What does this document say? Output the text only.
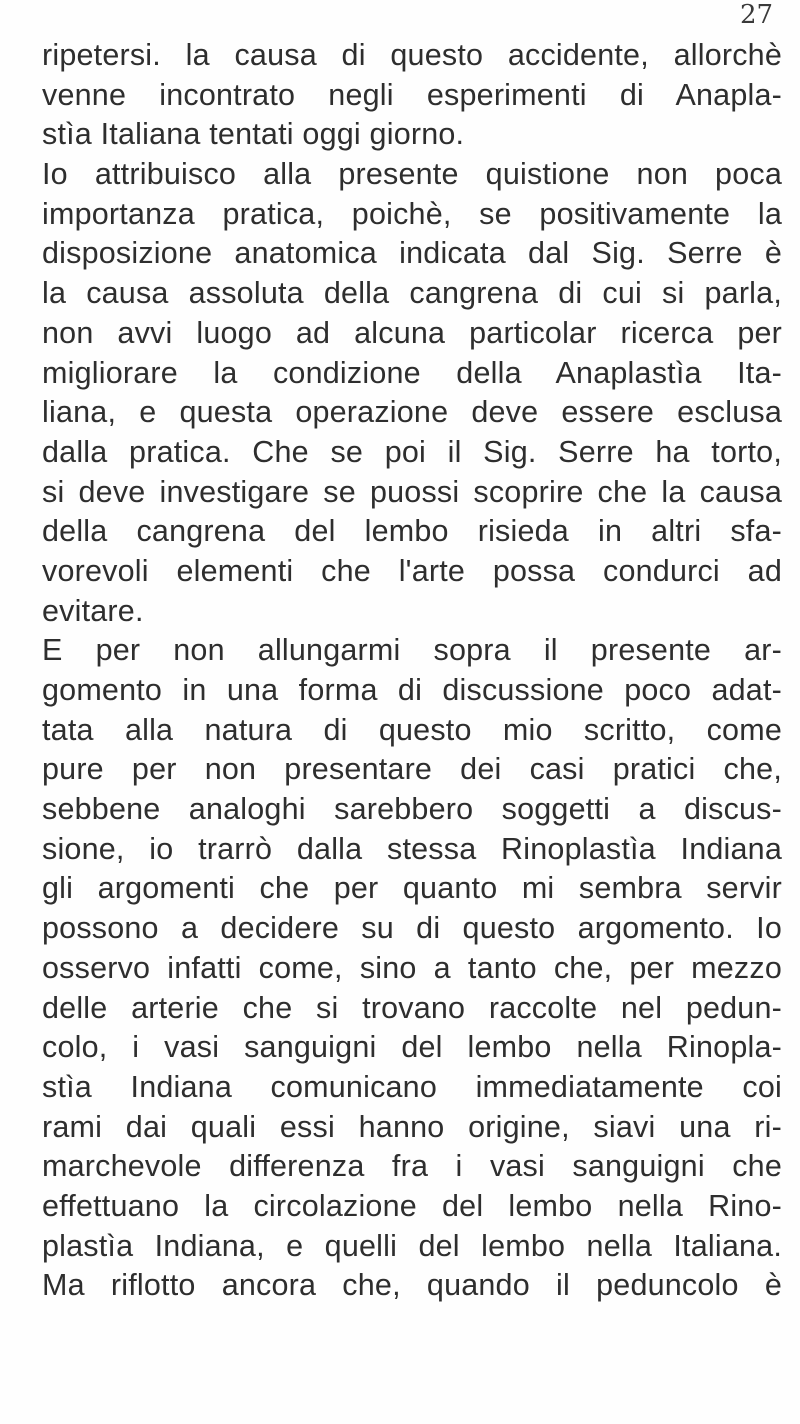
27
ripetersi. la causa di questo accidente, allorchè
venne incontrato negli esperimenti di Anapla-
stìa Italiana tentati oggi giorno.
Io attribuisco alla presente quistione non poca
importanza pratica, poichè, se positivamente la
disposizione anatomica indicata dal Sig. Serre è
la causa assoluta della cangrena di cui si parla,
non avvi luogo ad alcuna particolar ricerca per
migliorare la condizione della Anaplastìa Ita-
liana, e questa operazione deve essere esclusa
dalla pratica. Che se poi il Sig. Serre ha torto,
si deve investigare se puossi scoprire che la causa
della cangrena del lembo risieda in altri sfa-
vorevoli elementi che l'arte possa condurci ad
evitare.
E per non allungarmi sopra il presente ar-
gomento in una forma di discussione poco adat-
tata alla natura di questo mio scritto, come
pure per non presentare dei casi pratici che,
sebbene analoghi sarebbero soggetti a discus-
sione, io trarrò dalla stessa Rinoplastìa Indiana
gli argomenti che per quanto mi sembra servir
possono a decidere su di questo argomento. Io
osservo infatti come, sino a tanto che, per mezzo
delle arterie che si trovano raccolte nel pedun-
colo, i vasi sanguigni del lembo nella Rinopla-
stìa Indiana comunicano immediatamente coi
rami dai quali essi hanno origine, siavi una ri-
marchevole differenza fra i vasi sanguigni che
effettuano la circolazione del lembo nella Rino-
plastìa Indiana, e quelli del lembo nella Italiana.
Ma riflotto ancora che, quando il peduncolo è
